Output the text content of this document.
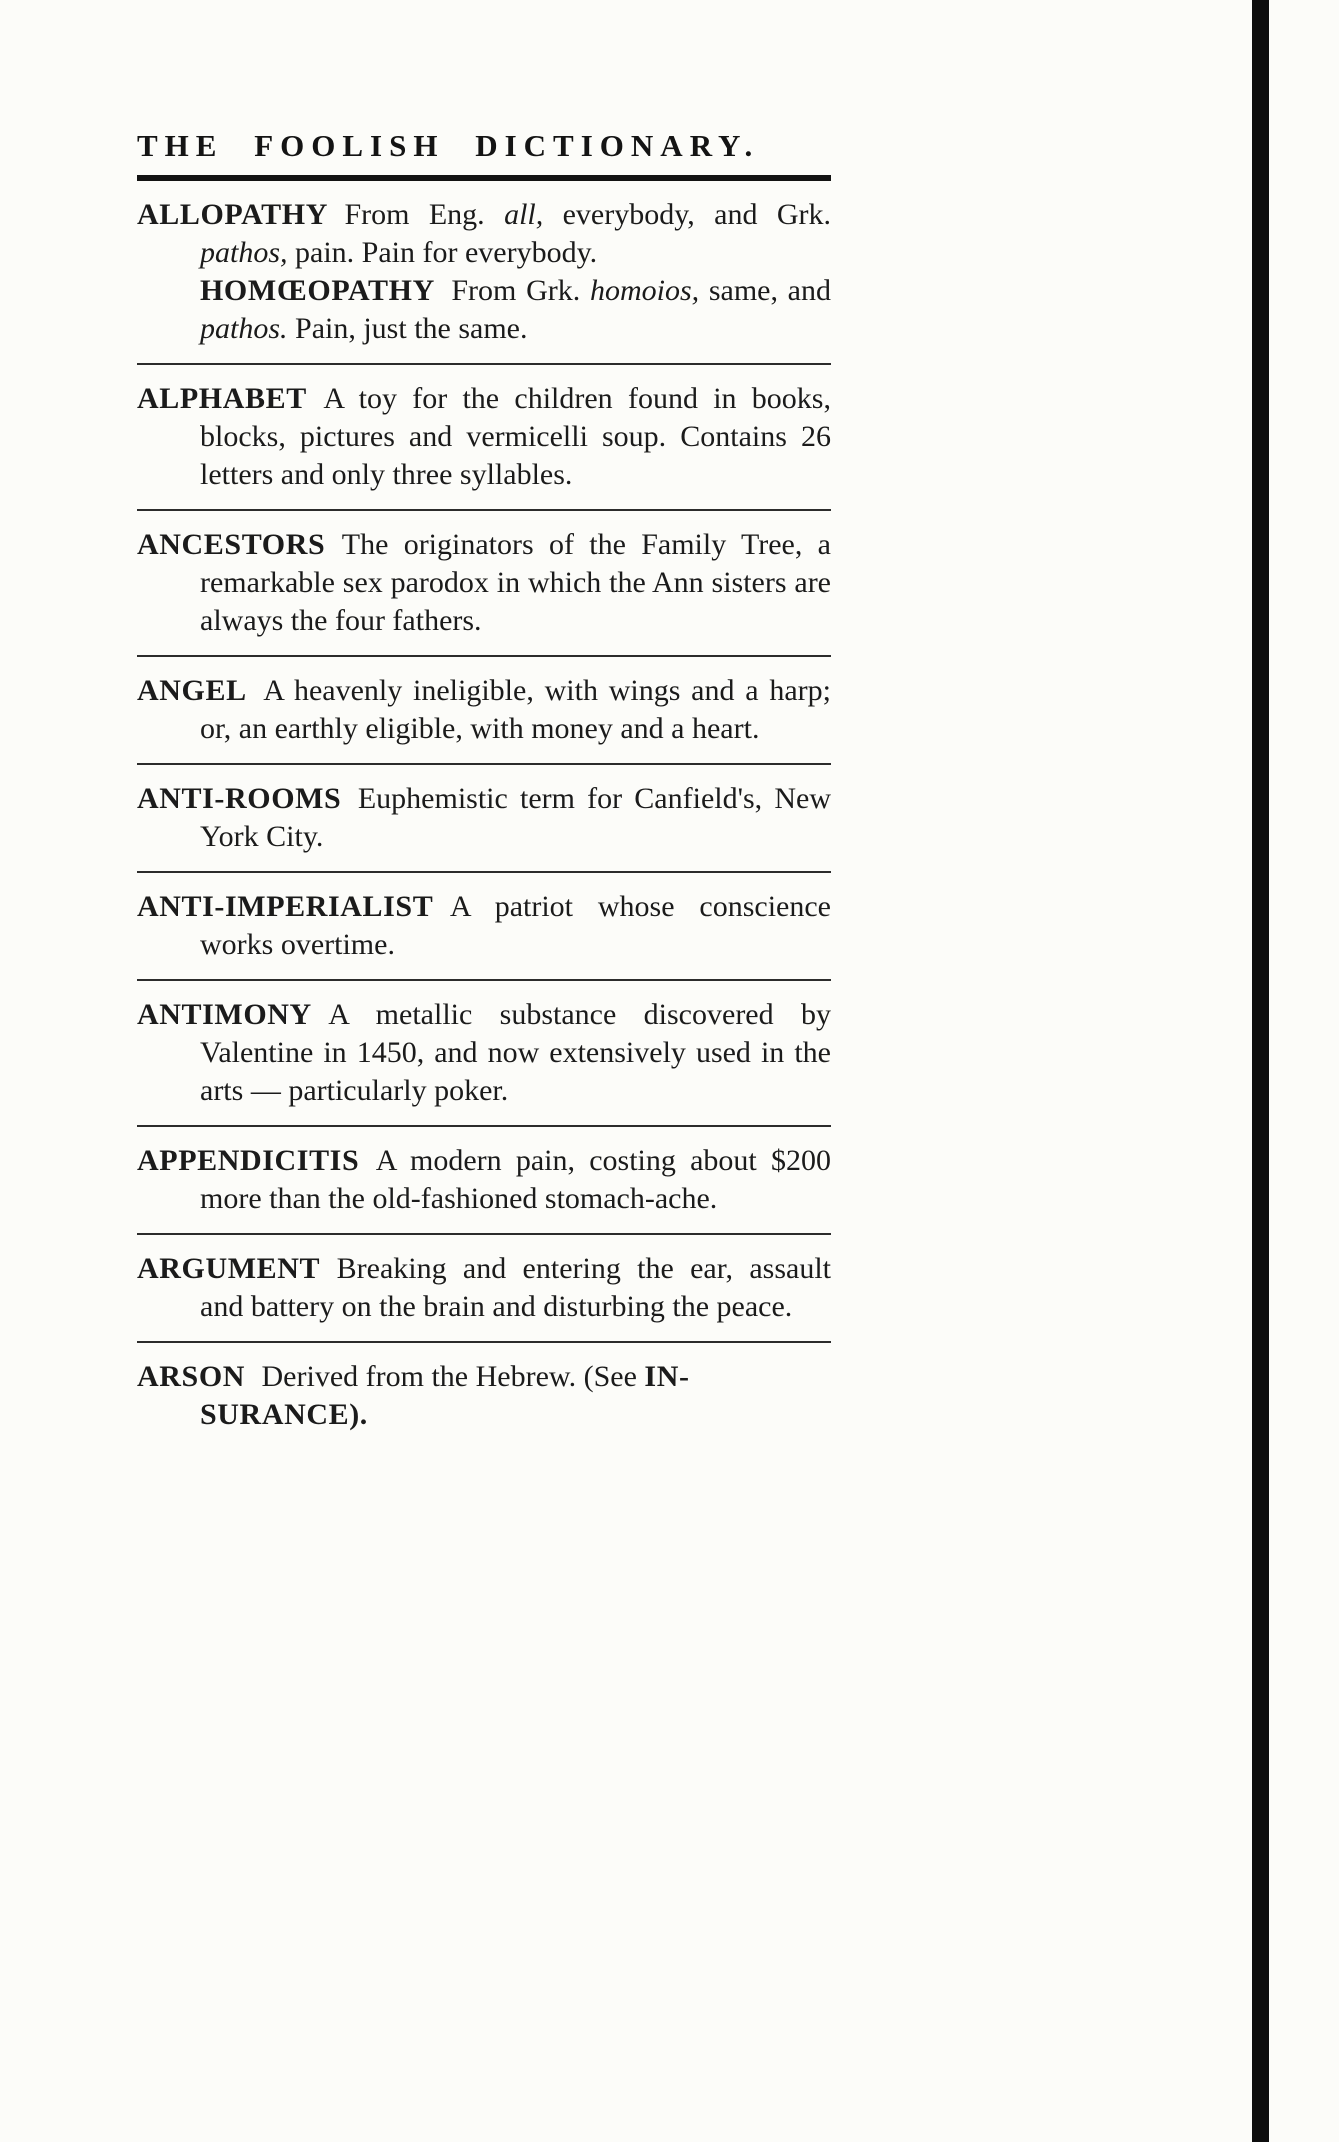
THE FOOLISH DICTIONARY.

ALLOPATHY From Eng. all, everybody, and Grk. pathos, pain. Pain for everybody.
HOMŒOPATHY From Grk. homoios, same, and pathos. Pain, just the same.

ALPHABET A toy for the children found in books, blocks, pictures and vermicelli soup. Contains 26 letters and only three syllables.

ANCESTORS The originators of the Family Tree, a remarkable sex parodox in which the Ann sisters are always the four fathers.

ANGEL A heavenly ineligible, with wings and a harp; or, an earthly eligible, with money and a heart.

ANTI-ROOMS Euphemistic term for Canfield's, New York City.

ANTI-IMPERIALIST A patriot whose conscience works overtime.

ANTIMONY A metallic substance discovered by Valentine in 1450, and now extensively used in the arts — particularly poker.

APPENDICITIS A modern pain, costing about $200 more than the old-fashioned stomach-ache.

ARGUMENT Breaking and entering the ear, assault and battery on the brain and disturbing the peace.

ARSON Derived from the Hebrew. (See IN-
SURANCE).
